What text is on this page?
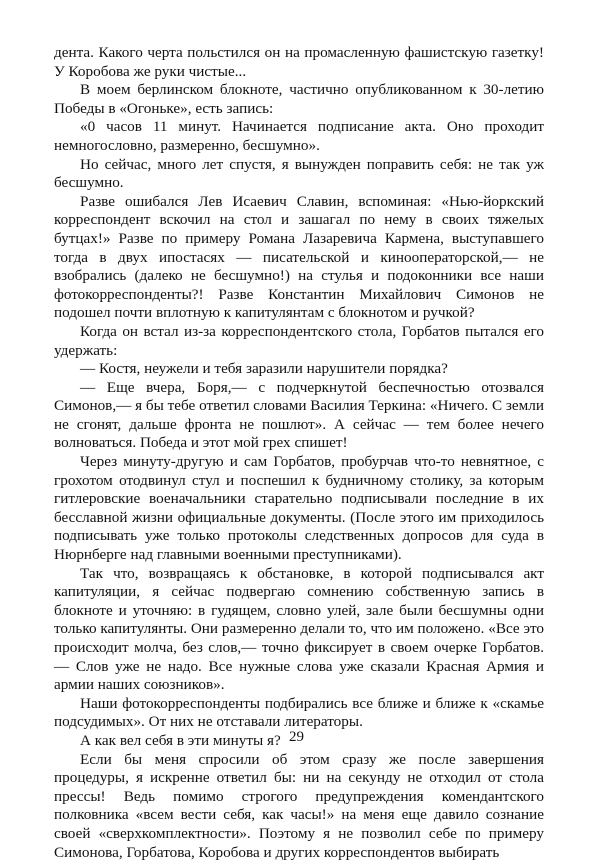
дента. Какого черта польстился он на промасленную фашистскую газетку! У Коробова же руки чистые...

В моем берлинском блокноте, частично опубликованном к 30-летию Победы в «Огоньке», есть запись:

«0 часов 11 минут. Начинается подписание акта. Оно проходит немногословно, размеренно, бесшумно».

Но сейчас, много лет спустя, я вынужден поправить себя: не так уж бесшумно.

Разве ошибался Лев Исаевич Славин, вспоминая: «Нью-йоркский корреспондент вскочил на стол и зашагал по нему в своих тяжелых бутцах!» Разве по примеру Романа Лазаревича Кармена, выступавшего тогда в двух ипостасях — писательской и кинооператорской,— не взобрались (далеко не бесшумно!) на стулья и подоконники все наши фотокорреспонденты?! Разве Константин Михайлович Симонов не подошел почти вплотную к капитулянтам с блокнотом и ручкой?

Когда он встал из-за корреспондентского стола, Горбатов пытался его удержать:

— Костя, неужели и тебя заразили нарушители порядка?

— Еще вчера, Боря,— с подчеркнутой беспечностью отозвался Симонов,— я бы тебе ответил словами Василия Теркина: «Ничего. С земли не сгонят, дальше фронта не пошлют». А сейчас — тем более нечего волноваться. Победа и этот мой грех спишет!

Через минуту-другую и сам Горбатов, пробурчав что-то невнятное, с грохотом отодвинул стул и поспешил к будничному столику, за которым гитлеровские военачальники старательно подписывали последние в их бесславной жизни официальные документы. (После этого им приходилось подписывать уже только протоколы следственных допросов для суда в Нюрнберге над главными военными преступниками).

Так что, возвращаясь к обстановке, в которой подписывался акт капитуляции, я сейчас подвергаю сомнению собственную запись в блокноте и уточняю: в гудящем, словно улей, зале были бесшумны одни только капитулянты. Они размеренно делали то, что им положено. «Все это происходит молча, без слов,— точно фиксирует в своем очерке Горбатов. — Слов уже не надо. Все нужные слова уже сказали Красная Армия и армии наших союзников».

Наши фотокорреспонденты подбирались все ближе и ближе к «скамье подсудимых». От них не отставали литераторы.

А как вел себя в эти минуты я?

Если бы меня спросили об этом сразу же после завершения процедуры, я искренне ответил бы: ни на секунду не отходил от стола прессы! Ведь помимо строгого предупреждения комендантского полковника «всем вести себя, как часы!» на меня еще давило сознание своей «сверхкомплектности». Поэтому я не позволил себе по примеру Симонова, Горбатова, Коробова и других корреспондентов выбирать

29
